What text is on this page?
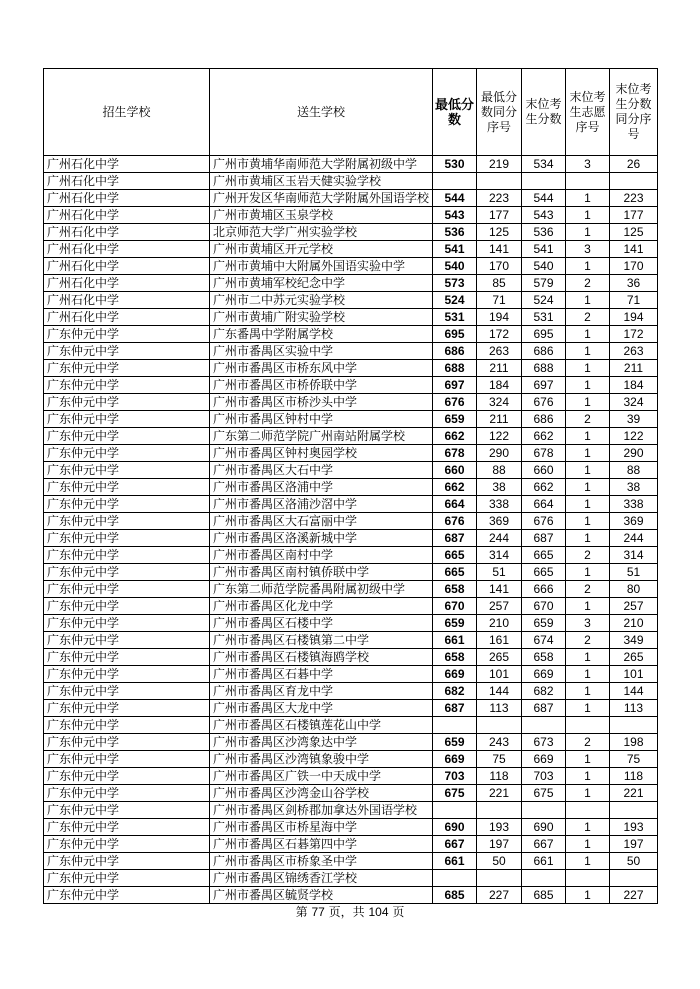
招生学校	送生学校	最低分数	最低分数同分序号	末位考生分数	末位考生志愿序号	末位考生分数同分序号
广州石化中学	广州市黄埔华南师范大学附属初级中学	530	219	534	3	26
广州石化中学	广州市黄埔区玉岩天健实验学校					
广州石化中学	广州开发区华南师范大学附属外国语学校	544	223	544	1	223
广州石化中学	广州市黄埔区玉泉学校	543	177	543	1	177
广州石化中学	北京师范大学广州实验学校	536	125	536	1	125
广州石化中学	广州市黄埔区开元学校	541	141	541	3	141
广州石化中学	广州市黄埔中大附属外国语实验中学	540	170	540	1	170
广州石化中学	广州市黄埔军校纪念中学	573	85	579	2	36
广州石化中学	广州市二中苏元实验学校	524	71	524	1	71
广州石化中学	广州市黄埔广附实验学校	531	194	531	2	194
广东仲元中学	广东番禺中学附属学校	695	172	695	1	172
广东仲元中学	广州市番禺区实验中学	686	263	686	1	263
广东仲元中学	广州市番禺区市桥东风中学	688	211	688	1	211
广东仲元中学	广州市番禺区市桥侨联中学	697	184	697	1	184
广东仲元中学	广州市番禺区市桥沙头中学	676	324	676	1	324
广东仲元中学	广州市番禺区钟村中学	659	211	686	2	39
广东仲元中学	广东第二师范学院广州南站附属学校	662	122	662	1	122
广东仲元中学	广州市番禺区钟村奥园学校	678	290	678	1	290
广东仲元中学	广州市番禺区大石中学	660	88	660	1	88
广东仲元中学	广州市番禺区洛浦中学	662	38	662	1	38
广东仲元中学	广州市番禺区洛浦沙滘中学	664	338	664	1	338
广东仲元中学	广州市番禺区大石富丽中学	676	369	676	1	369
广东仲元中学	广州市番禺区洛溪新城中学	687	244	687	1	244
广东仲元中学	广州市番禺区南村中学	665	314	665	2	314
广东仲元中学	广州市番禺区南村镇侨联中学	665	51	665	1	51
广东仲元中学	广东第二师范学院番禺附属初级中学	658	141	666	2	80
广东仲元中学	广州市番禺区化龙中学	670	257	670	1	257
广东仲元中学	广州市番禺区石楼中学	659	210	659	3	210
广东仲元中学	广州市番禺区石楼镇第二中学	661	161	674	2	349
广东仲元中学	广州市番禺区石楼镇海鸥学校	658	265	658	1	265
广东仲元中学	广州市番禺区石碁中学	669	101	669	1	101
广东仲元中学	广州市番禺区育龙中学	682	144	682	1	144
广东仲元中学	广州市番禺区大龙中学	687	113	687	1	113
广东仲元中学	广州市番禺区石楼镇莲花山中学					
广东仲元中学	广州市番禺区沙湾象达中学	659	243	673	2	198
广东仲元中学	广州市番禺区沙湾镇象骏中学	669	75	669	1	75
广东仲元中学	广州市番禺区广铁一中天成中学	703	118	703	1	118
广东仲元中学	广州市番禺区沙湾金山谷学校	675	221	675	1	221
广东仲元中学	广州市番禺区剑桥郡加拿达外国语学校					
广东仲元中学	广州市番禺区市桥星海中学	690	193	690	1	193
广东仲元中学	广州市番禺区石碁第四中学	667	197	667	1	197
广东仲元中学	广州市番禺区市桥象圣中学	661	50	661	1	50
广东仲元中学	广州市番禺区锦绣香江学校					
广东仲元中学	广州市番禺区毓贤学校	685	227	685	1	227
第 77 页，共 104 页
